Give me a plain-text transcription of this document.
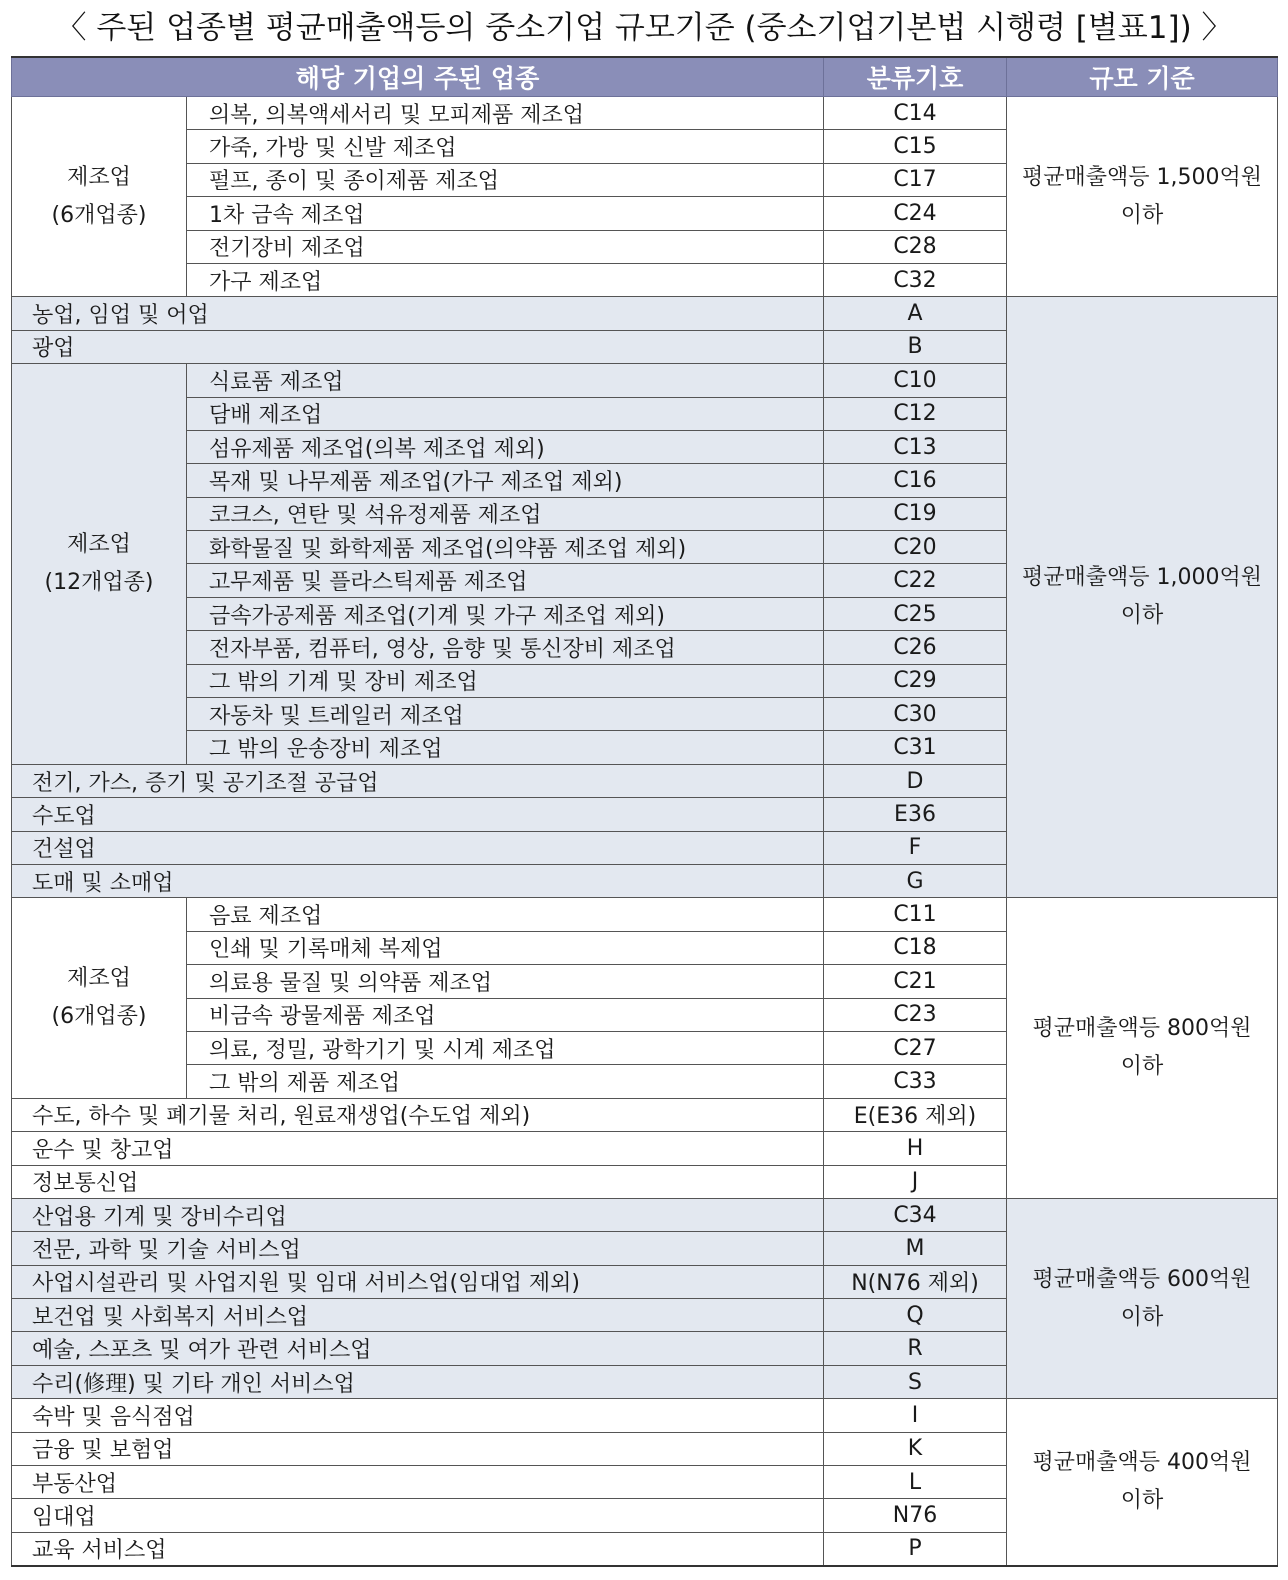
〈 주된 업종별 평균매출액등의 중소기업 규모기준 (중소기업기본법 시행령 [별표1]) 〉
해당 기업의 주된 업종		분류기호	규모 기준
제조업
(6개업종)	의복, 의복액세서리 및 모피제품 제조업	C14	평균매출액등 1,500억원
이하
	가죽, 가방 및 신발 제조업	C15	
	펄프, 종이 및 종이제품 제조업	C17	
	1차 금속 제조업	C24	
	전기장비 제조업	C28	
	가구 제조업	C32	
농업, 임업 및 어업		A	평균매출액등 1,000억원
이하
광업		B	
제조업
(12개업종)	식료품 제조업	C10	
	담배 제조업	C12	
	섬유제품 제조업(의복 제조업 제외)	C13	
	목재 및 나무제품 제조업(가구 제조업 제외)	C16	
	코크스, 연탄 및 석유정제품 제조업	C19	
	화학물질 및 화학제품 제조업(의약품 제조업 제외)	C20	
	고무제품 및 플라스틱제품 제조업	C22	
	금속가공제품 제조업(기계 및 가구 제조업 제외)	C25	
	전자부품, 컴퓨터, 영상, 음향 및 통신장비 제조업	C26	
	그 밖의 기계 및 장비 제조업	C29	
	자동차 및 트레일러 제조업	C30	
	그 밖의 운송장비 제조업	C31	
전기, 가스, 증기 및 공기조절 공급업		D	
수도업		E36	
건설업		F	
도매 및 소매업		G	
제조업
(6개업종)	음료 제조업	C11	평균매출액등 800억원
이하
	인쇄 및 기록매체 복제업	C18	
	의료용 물질 및 의약품 제조업	C21	
	비금속 광물제품 제조업	C23	
	의료, 정밀, 광학기기 및 시계 제조업	C27	
	그 밖의 제품 제조업	C33	
수도, 하수 및 폐기물 처리, 원료재생업(수도업 제외)		E(E36 제외)	
운수 및 창고업		H	
정보통신업		J	
산업용 기계 및 장비수리업		C34	평균매출액등 600억원
이하
전문, 과학 및 기술 서비스업		M	
사업시설관리 및 사업지원 및 임대 서비스업(임대업 제외)		N(N76 제외)	
보건업 및 사회복지 서비스업		Q	
예술, 스포츠 및 여가 관련 서비스업		R	
수리(修理) 및 기타 개인 서비스업		S	
숙박 및 음식점업		I	평균매출액등 400억원
이하
금융 및 보험업		K	
부동산업		L	
임대업		N76	
교육 서비스업		P	
